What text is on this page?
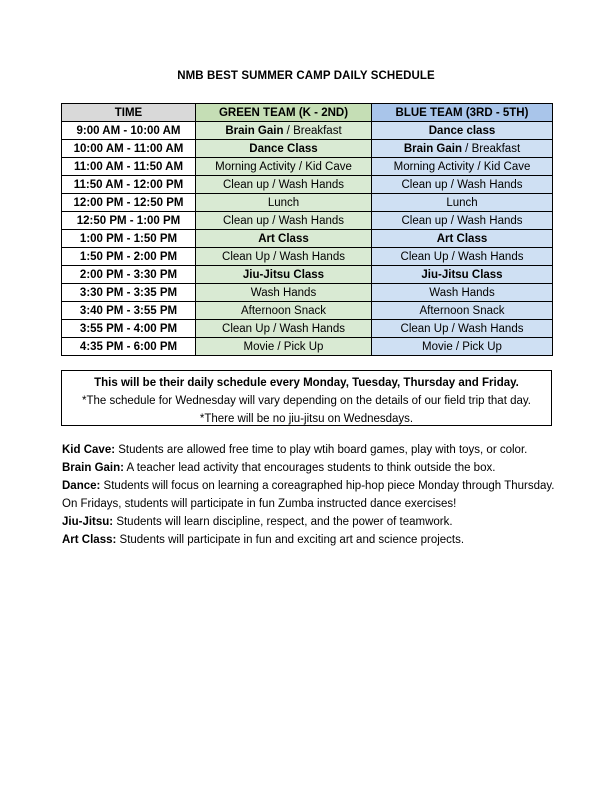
NMB BEST SUMMER CAMP DAILY SCHEDULE
TIME	GREEN TEAM (K - 2ND)	BLUE TEAM (3RD - 5TH)
9:00 AM - 10:00 AM	Brain Gain / Breakfast	Dance class
10:00 AM - 11:00 AM	Dance Class	Brain Gain / Breakfast
11:00 AM - 11:50 AM	Morning Activity / Kid Cave	Morning Activity / Kid Cave
11:50 AM - 12:00 PM	Clean up / Wash Hands	Clean up / Wash Hands
12:00 PM - 12:50 PM	Lunch	Lunch
12:50 PM - 1:00 PM	Clean up / Wash Hands	Clean up / Wash Hands
1:00 PM - 1:50 PM	Art Class	Art Class
1:50 PM - 2:00 PM	Clean Up / Wash Hands	Clean Up / Wash Hands
2:00 PM - 3:30 PM	Jiu-Jitsu Class	Jiu-Jitsu Class
3:30 PM - 3:35 PM	Wash Hands	Wash Hands
3:40 PM - 3:55 PM	Afternoon Snack	Afternoon Snack
3:55 PM - 4:00 PM	Clean Up / Wash Hands	Clean Up / Wash Hands
4:35 PM - 6:00 PM	Movie / Pick Up	Movie / Pick Up
This will be their daily schedule every Monday, Tuesday, Thursday and Friday.
*The schedule for Wednesday will vary depending on the details of our field trip that day.
*There will be no jiu-jitsu on Wednesdays.

Kid Cave: Students are allowed free time to play wtih board games, play with toys, or color.

Brain Gain: A teacher lead activity that encourages students to think outside the box.

Dance: Students will focus on learning a coreagraphed hip-hop piece Monday through Thursday. On Fridays, students will participate in fun Zumba instructed dance exercises!

Jiu-Jitsu: Students will learn discipline, respect, and the power of teamwork.

Art Class: Students will participate in fun and exciting art and science projects.
